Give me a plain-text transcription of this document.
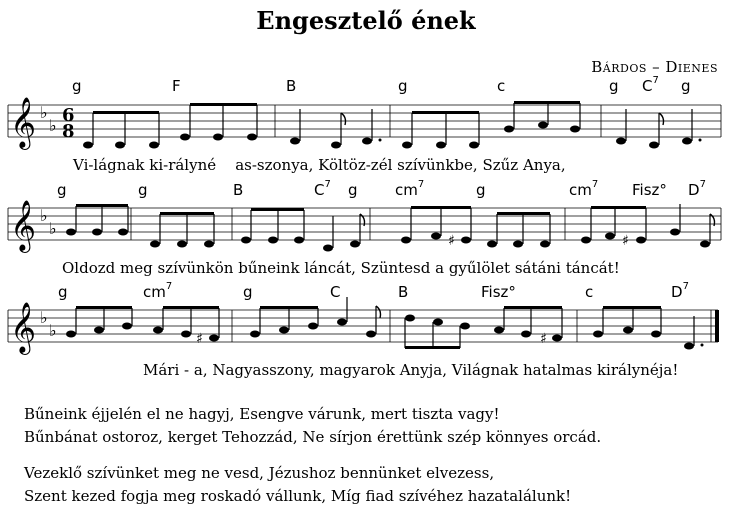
Engesztelő ének
Bárdos – Dienes
g	F	B	g	c	g $C^7$ g
g	g	B	$C^7$ g $cm^7$	g	$cm^7$ Fisz° $D^7$
g	$cm^7$	g	C	B	Fisz°	c	$D^7$
𝄞 ♭
♭ 6
8
𝄞 ♭
♭
♯	♯
𝄞 ♭
♭	♯	♯
Vi-lágnak ki-rályné    as-szonya, Költöz-zél szívünkbe, Szűz Anya,
Oldozd meg szívünkön bűneink láncát, Szüntesd a gyűlölet sátáni táncát!
Mári - a, Nagyasszony, magyarok Anyja, Világnak hatalmas királynéja!
Bűneink éjjelén el ne hagyj, Esengve várunk, mert tiszta vagy!
Bűnbánat ostoroz, kerget Tehozzád, Ne sírjon érettünk szép könnyes orcád.
Vezeklő szívünket meg ne vesd, Jézushoz bennünket elvezess,
Szent kezed fogja meg roskadó vállunk, Míg fiad szívéhez hazatalálunk!
